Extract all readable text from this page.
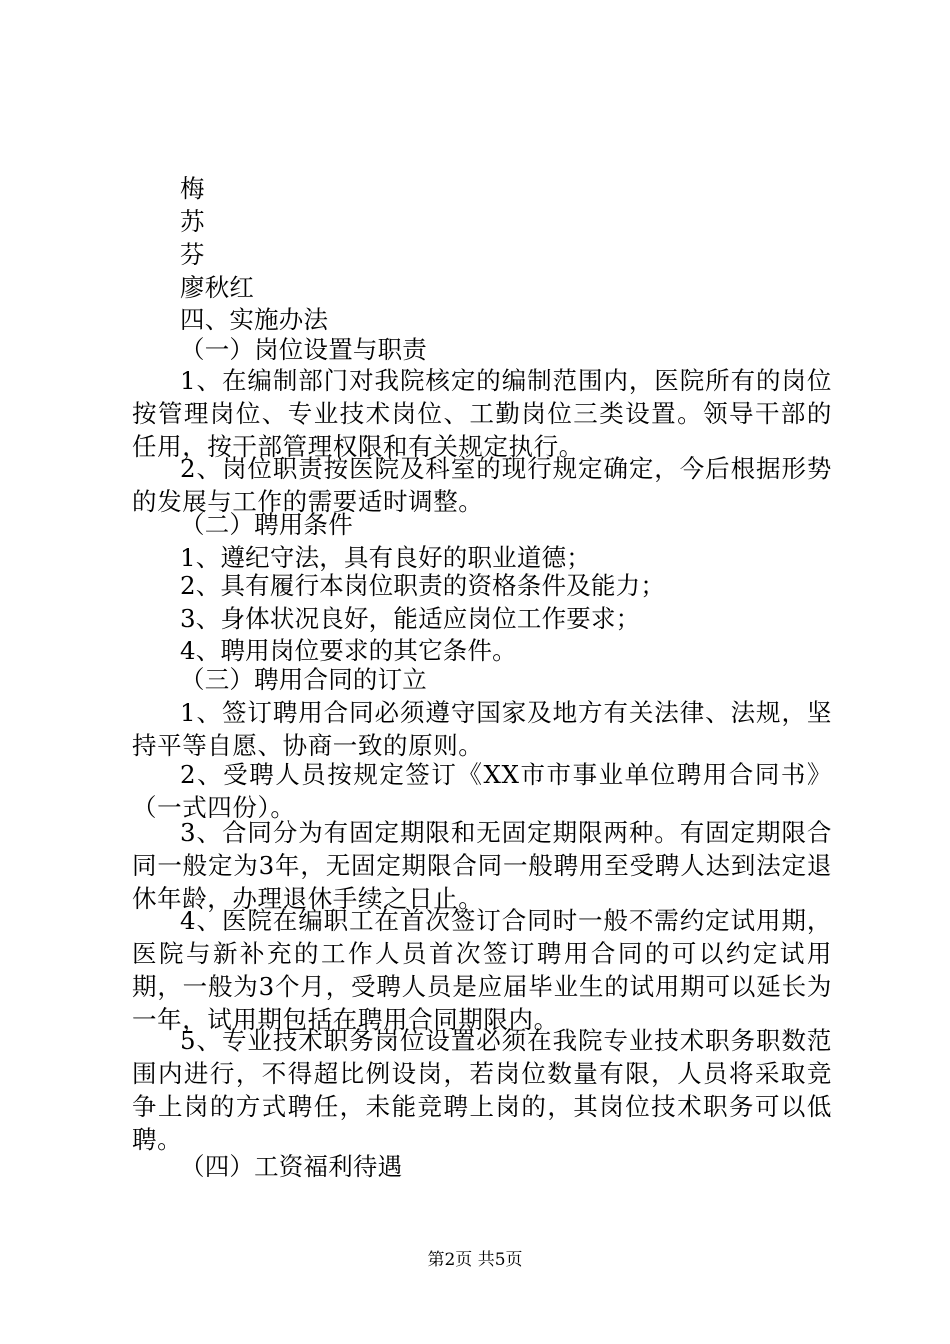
梅
苏
芬
廖秋红
四、实施办法
（一）岗位设置与职责
1、在编制部门对我院核定的编制范围内，医院所有的岗位按管理岗位、专业技术岗位、工勤岗位三类设置。领导干部的任用，按干部管理权限和有关规定执行。
2、岗位职责按医院及科室的现行规定确定，今后根据形势的发展与工作的需要适时调整。
（二）聘用条件
1、遵纪守法，具有良好的职业道德；
2、具有履行本岗位职责的资格条件及能力；
3、身体状况良好，能适应岗位工作要求；
4、聘用岗位要求的其它条件。
（三）聘用合同的订立
1、签订聘用合同必须遵守国家及地方有关法律、法规，坚持平等自愿、协商一致的原则。
2、受聘人员按规定签订《XX市市事业单位聘用合同书》（一式四份）。
3、合同分为有固定期限和无固定期限两种。有固定期限合同一般定为3年，无固定期限合同一般聘用至受聘人达到法定退休年龄，办理退休手续之日止。
4、医院在编职工在首次签订合同时一般不需约定试用期，医院与新补充的工作人员首次签订聘用合同的可以约定试用期，一般为3个月，受聘人员是应届毕业生的试用期可以延长为一年，试用期包括在聘用合同期限内。
5、专业技术职务岗位设置必须在我院专业技术职务职数范围内进行，不得超比例设岗，若岗位数量有限，人员将采取竞争上岗的方式聘任，未能竞聘上岗的，其岗位技术职务可以低聘。
（四）工资福利待遇
第2页 共5页
